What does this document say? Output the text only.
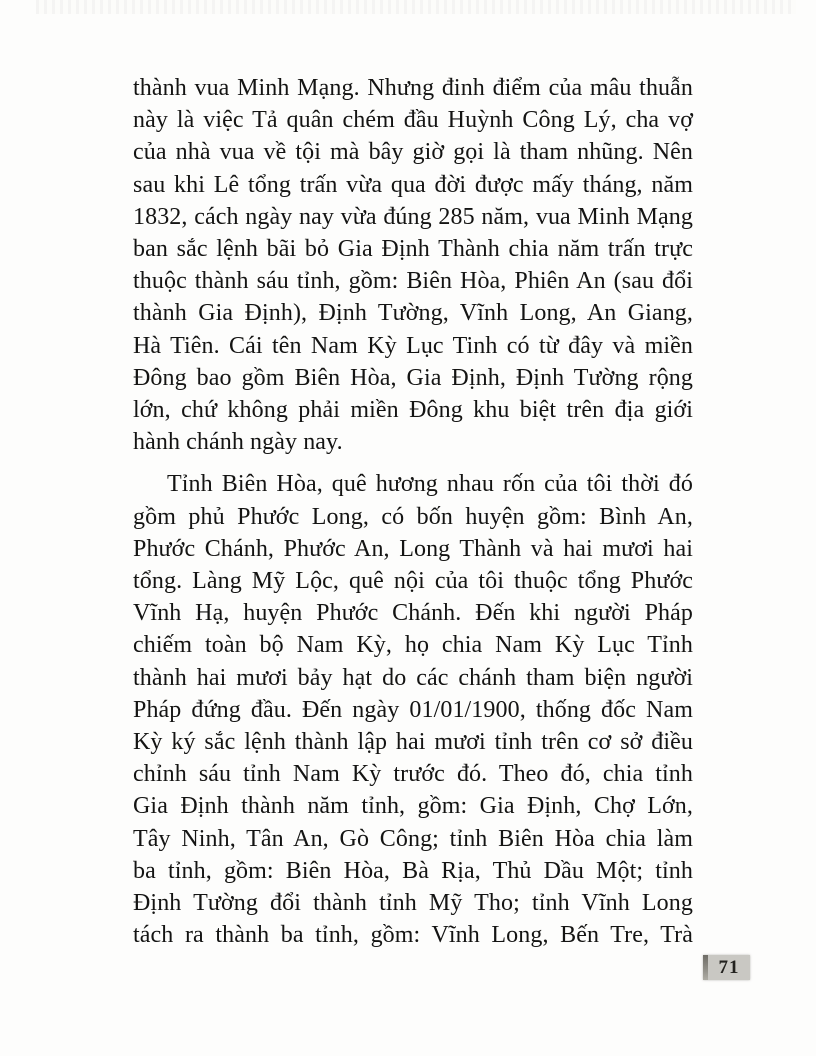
thành vua Minh Mạng. Nhưng đinh điểm của mâu thuẫn
này là việc Tả quân chém đầu Huỳnh Công Lý, cha vợ
của nhà vua về tội mà bây giờ gọi là tham nhũng. Nên
sau khi Lê tổng trấn vừa qua đời được mấy tháng, năm
1832, cách ngày nay vừa đúng 285 năm, vua Minh Mạng
ban sắc lệnh bãi bỏ Gia Định Thành chia năm trấn trực
thuộc thành sáu tỉnh, gồm: Biên Hòa, Phiên An (sau đổi
thành Gia Định), Định Tường, Vĩnh Long, An Giang,
Hà Tiên. Cái tên Nam Kỳ Lục Tinh có từ đây và miền
Đông bao gồm Biên Hòa, Gia Định, Định Tường rộng
lớn, chứ không phải miền Đông khu biệt trên địa giới
hành chánh ngày nay.
Tỉnh Biên Hòa, quê hương nhau rốn của tôi thời đó
gồm phủ Phước Long, có bốn huyện gồm: Bình An,
Phước Chánh, Phước An, Long Thành và hai mươi hai
tổng. Làng Mỹ Lộc, quê nội của tôi thuộc tổng Phước
Vĩnh Hạ, huyện Phước Chánh. Đến khi người Pháp
chiếm toàn bộ Nam Kỳ, họ chia Nam Kỳ Lục Tỉnh
thành hai mươi bảy hạt do các chánh tham biện người
Pháp đứng đầu. Đến ngày 01/01/1900, thống đốc Nam
Kỳ ký sắc lệnh thành lập hai mươi tỉnh trên cơ sở điều
chỉnh sáu tỉnh Nam Kỳ trước đó. Theo đó, chia tỉnh
Gia Định thành năm tỉnh, gồm: Gia Định, Chợ Lớn,
Tây Ninh, Tân An, Gò Công; tỉnh Biên Hòa chia làm
ba tỉnh, gồm: Biên Hòa, Bà Rịa, Thủ Dầu Một; tỉnh
Định Tường đổi thành tỉnh Mỹ Tho; tỉnh Vĩnh Long
tách ra thành ba tỉnh, gồm: Vĩnh Long, Bến Tre, Trà
71
